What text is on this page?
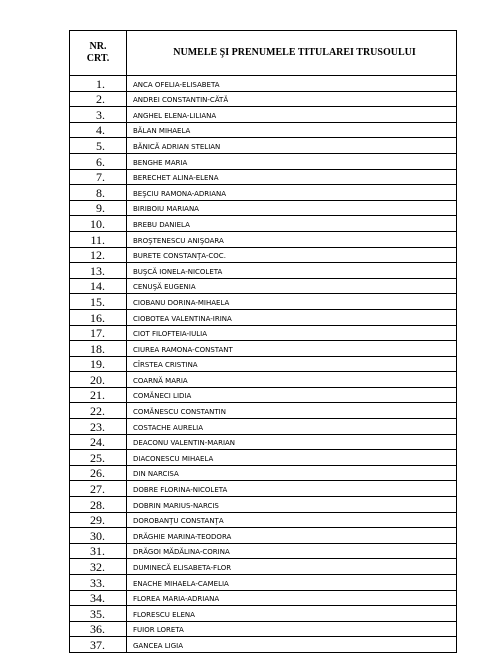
NR.
CRT.	NUMELE ŞI PRENUMELE TITULAREI TRUSOULUI
1.	ANCA OFELIA-ELISABETA
2.	ANDREI CONSTANTIN-CĂTĂ
3.	ANGHEL ELENA-LILIANA
4.	BĂLAN MIHAELA
5.	BĂNICĂ ADRIAN STELIAN
6.	BENGHE MARIA
7.	BERECHET ALINA-ELENA
8.	BEŞCIU RAMONA-ADRIANA
9.	BIRIBOIU MARIANA
10.	BREBU DANIELA
11.	BROŞTENESCU ANIŞOARA
12.	BURETE CONSTANŢA-COC.
13.	BUŞCĂ IONELA-NICOLETA
14.	CENUŞĂ EUGENIA
15.	CIOBANU DORINA-MIHAELA
16.	CIOBOTEA VALENTINA-IRINA
17.	CIOT FILOFTEIA-IULIA
18.	CIUREA RAMONA-CONSTANT
19.	CÎRSTEA CRISTINA
20.	COARNĂ MARIA
21.	COMĂNECI LIDIA
22.	COMĂNESCU CONSTANTIN
23.	COSTACHE AURELIA
24.	DEACONU VALENTIN-MARIAN
25.	DIACONESCU MIHAELA
26.	DIN NARCISA
27.	DOBRE FLORINA-NICOLETA
28.	DOBRIN MARIUS-NARCIS
29.	DOROBANŢU CONSTANŢA
30.	DRĂGHIE MARINA-TEODORA
31.	DRĂGOI MĂDĂLINA-CORINA
32.	DUMINECĂ ELISABETA-FLOR
33.	ENACHE MIHAELA-CAMELIA
34.	FLOREA MARIA-ADRIANA
35.	FLORESCU ELENA
36.	FUIOR LORETA
37.	GANCEA LIGIA
